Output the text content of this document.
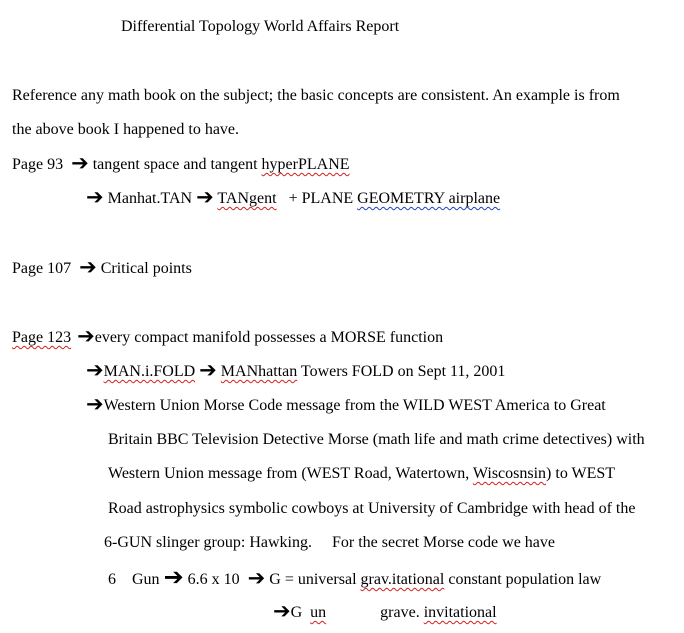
Differential Topology World Affairs Report
Reference any math book on the subject; the basic concepts are consistent. An example is from
the above book I happened to have.
Page 93 ➔ tangent space and tangent hyperPLANE
➔ Manhat.TAN ➔ TANgent + PLANE GEOMETRY airplane
Page 107 ➔ Critical points
Page 123 ➔every compact manifold possesses a MORSE function
➔MAN.i.FOLD ➔ MANhattan Towers FOLD on Sept 11, 2001
➔Western Union Morse Code message from the WILD WEST America to Great
Britain BBC Television Detective Morse (math life and math crime detectives) with
Western Union message from (WEST Road, Watertown, Wiscosnsin) to WEST
Road astrophysics symbolic cowboys at University of Cambridge with head of the
6-GUN slinger group: Hawking.     For the secret Morse code we have
6    Gun ➔ 6.6 x 10 ➔ G = universal grav.itational constant population law
➔G  un	grave. invitational
